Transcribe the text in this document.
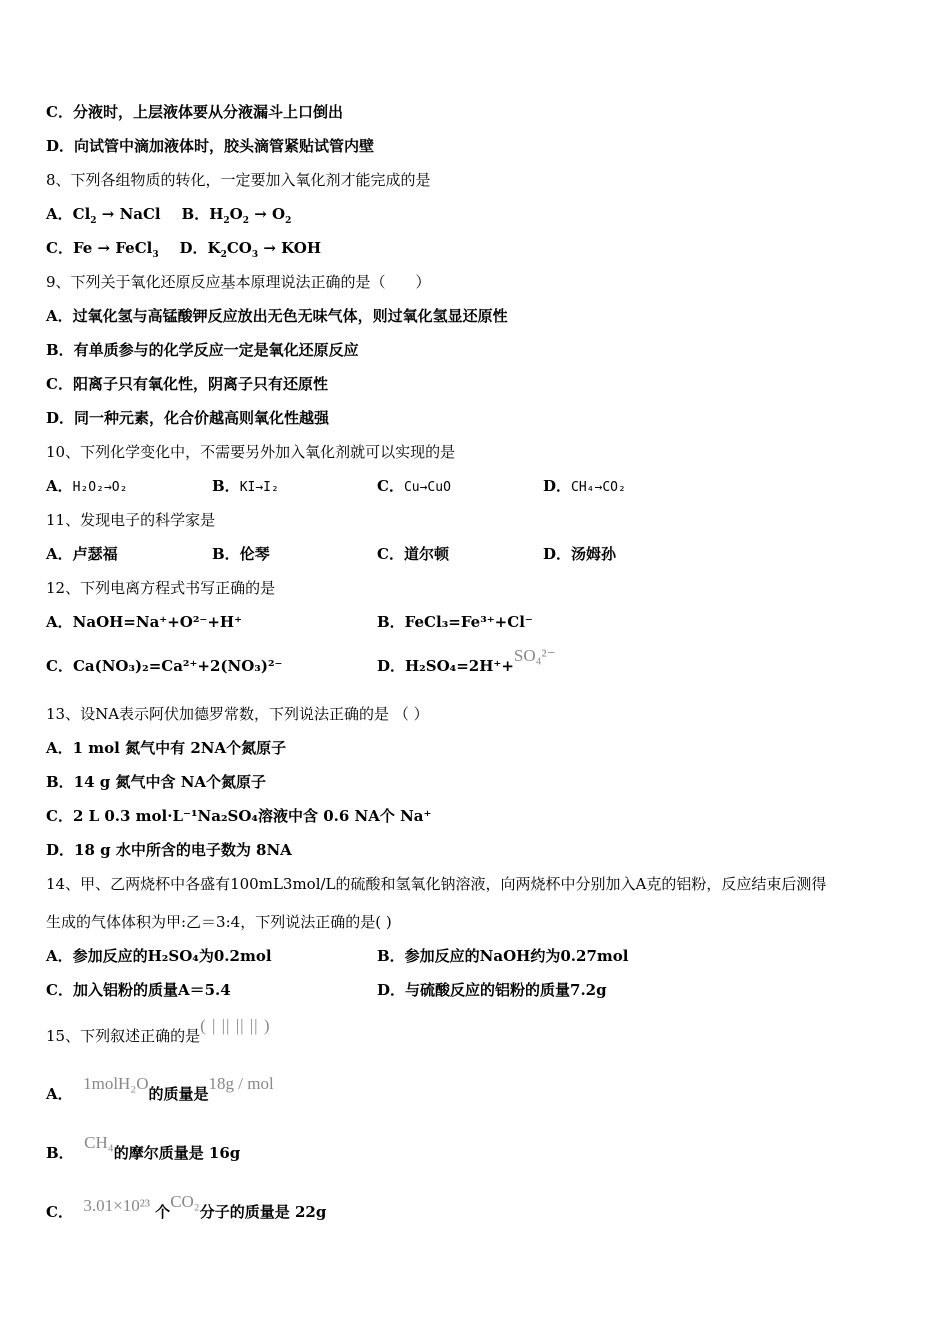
C．分液时，上层液体要从分液漏斗上口倒出
D．向试管中滴加液体时，胶头滴管紧贴试管内壁
8、下列各组物质的转化，一定要加入氧化剂才能完成的是
A．$Cl_2$ → NaCl B．$H_2O_2 \to O_2$
C．Fe → FeCl$_3$ D．$K_2CO_3$ → KOH
9、下列关于氧化还原反应基本原理说法正确的是（　　）
A．过氧化氢与高锰酸钾反应放出无色无味气体，则过氧化氢显还原性
B．有单质参与的化学反应一定是氧化还原反应
C．阳离子只有氧化性，阴离子只有还原性
D．同一种元素，化合价越高则氧化性越强
10、下列化学变化中，不需要另外加入氧化剂就可以实现的是
A．H₂O₂→O₂	B．KI→I₂	C．Cu→CuO	D．CH₄→CO₂
11、发现电子的科学家是
A．卢瑟福	B．伦琴	C．道尔顿	D．汤姆孙
12、下列电离方程式书写正确的是
A．NaOH=Na⁺+O²⁻+H⁺	B．FeCl₃=Fe³⁺+Cl⁻
C．Ca(NO₃)₂=Ca²⁺+2(NO₃)²⁻	D．H₂SO₄=2H⁺+SO₄²⁻
13、设NA表示阿伏加德罗常数，下列说法正确的是 （ ）
A．1 mol 氮气中有 2NA个氮原子
B．14 g 氮气中含 NA个氮原子
C．2 L 0.3 mol·L⁻¹Na₂SO₄溶液中含 0.6 NA个 Na⁺
D．18 g 水中所含的电子数为 8NA
14、甲、乙两烧杯中各盛有100mL3mol/L的硫酸和氢氧化钠溶液，向两烧杯中分别加入A克的铝粉，反应结束后测得
生成的气体体积为甲:乙＝3:4，下列说法正确的是( )
A．参加反应的H₂SO₄为0.2mol	B．参加反应的NaOH约为0.27mol
C．加入铝粉的质量A＝5.4	D．与硫酸反应的铝粉的质量7.2g
15、下列叙述正确的是( | || || || )
A．  1molH₂O的质量是18g / mol
B．  CH₄的摩尔质量是 16g
C． 3.01×10²³ 个CO₂分子的质量是 22g
